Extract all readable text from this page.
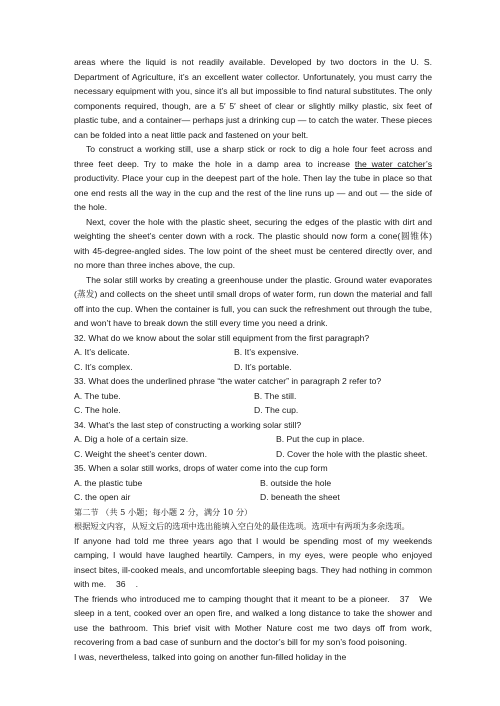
areas where the liquid is not readily available. Developed by two doctors in the U. S. Department of Agriculture, it’s an excellent water collector. Unfortunately, you must carry the necessary equipment with you, since it’s all but impossible to find natural substitutes. The only components required, though, are a 5′ 5′ sheet of clear or slightly milky plastic, six feet of plastic tube, and a container— perhaps just a drinking cup — to catch the water. These pieces can be folded into a neat little pack and fastened on your belt.

To construct a working still, use a sharp stick or rock to dig a hole four feet across and three feet deep. Try to make the hole in a damp area to increase the water catcher’s productivity. Place your cup in the deepest part of the hole. Then lay the tube in place so that one end rests all the way in the cup and the rest of the line runs up — and out — the side of the hole.

Next, cover the hole with the plastic sheet, securing the edges of the plastic with dirt and weighting the sheet’s center down with a rock. The plastic should now form a cone(圆锥体) with 45-degree-angled sides. The low point of the sheet must be centered directly over, and no more than three inches above, the cup.

The solar still works by creating a greenhouse under the plastic. Ground water evaporates (蒸发) and collects on the sheet until small drops of water form, run down the material and fall off into the cup. When the container is full, you can suck the refreshment out through the tube, and won’t have to break down the still every time you need a drink.

32. What do we know about the solar still equipment from the first paragraph?

A. It’s delicate.	B. It’s expensive.
C. It’s complex.	D. It’s portable.

33. What does the underlined phrase “the water catcher” in paragraph 2 refer to?

A. The tube.	B. The still.
C. The hole.	D. The cup.

34. What’s the last step of constructing a working solar still?

A. Dig a hole of a certain size.	B. Put the cup in place.
C. Weight the sheet’s center down.	D. Cover the hole with the plastic sheet.

35. When a solar still works, drops of water come into the cup form

A. the plastic tube	B. outside the hole
C. the open air	D. beneath the sheet

第二节 （共 5 小题；每小题 2 分，满分 10 分）

根据短文内容，从短文后的选项中选出能填入空白处的最佳选项。选项中有两项为多余选项。

If anyone had told me three years ago that I would be spending most of my weekends camping, I would have laughed heartily. Campers, in my eyes, were people who enjoyed insect bites, ill-cooked meals, and uncomfortable sleeping bags. They had nothing in common with me. 36 .

The friends who introduced me to camping thought that it meant to be a pioneer. 37 We sleep in a tent, cooked over an open fire, and walked a long distance to take the shower and use the bathroom. This brief visit with Mother Nature cost me two days off from work, recovering from a bad case of sunburn and the doctor’s bill for my son’s food poisoning.

I was, nevertheless, talked into going on another fun-filled holiday in the
